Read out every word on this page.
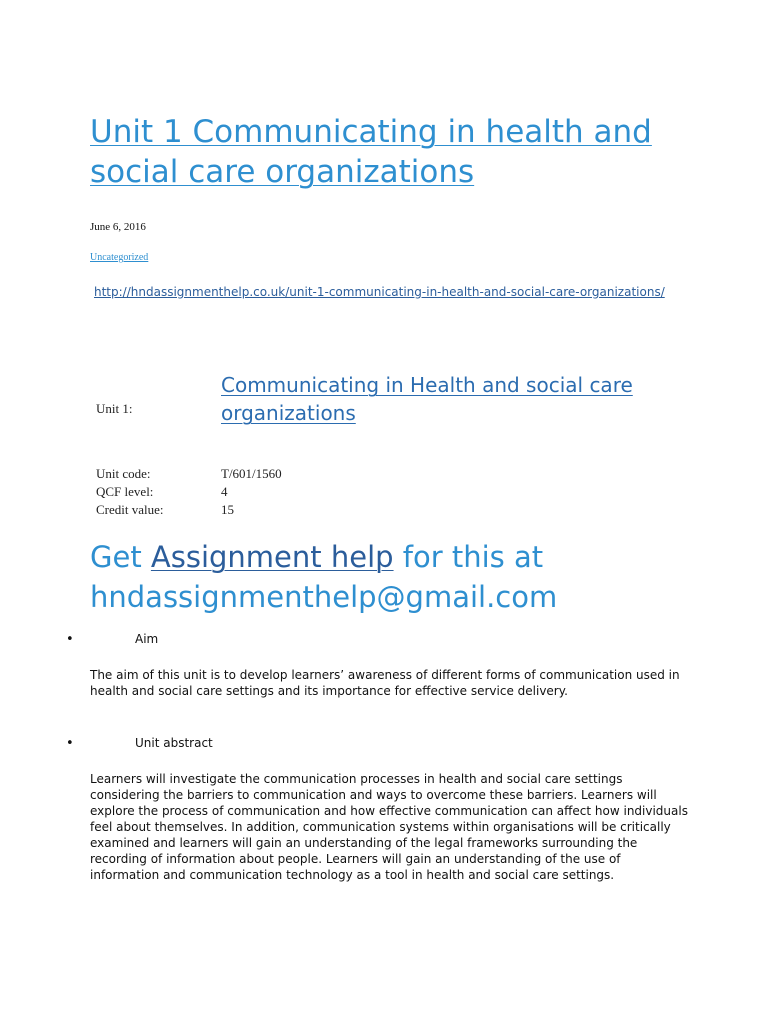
Unit 1 Communicating in health and social care organizations
June 6, 2016
Uncategorized
http://hndassignmenthelp.co.uk/unit-1-communicating-in-health-and-social-care-organizations/
Unit 1:
Communicating in Health and social care organizations
Unit code:	T/601/1560
QCF level:	4
Credit value:	15
Get Assignment help for this at hndassignmenthelp@gmail.com
•	Aim

The aim of this unit is to develop learners’ awareness of different forms of communication used in health and social care settings and its importance for effective service delivery.

•	Unit abstract

Learners will investigate the communication processes in health and social care settings considering the barriers to communication and ways to overcome these barriers. Learners will explore the process of communication and how effective communication can affect how individuals feel about themselves. In addition, communication systems within organisations will be critically examined and learners will gain an understanding of the legal frameworks surrounding the recording of information about people. Learners will gain an understanding of the use of information and communication technology as a tool in health and social care settings.
